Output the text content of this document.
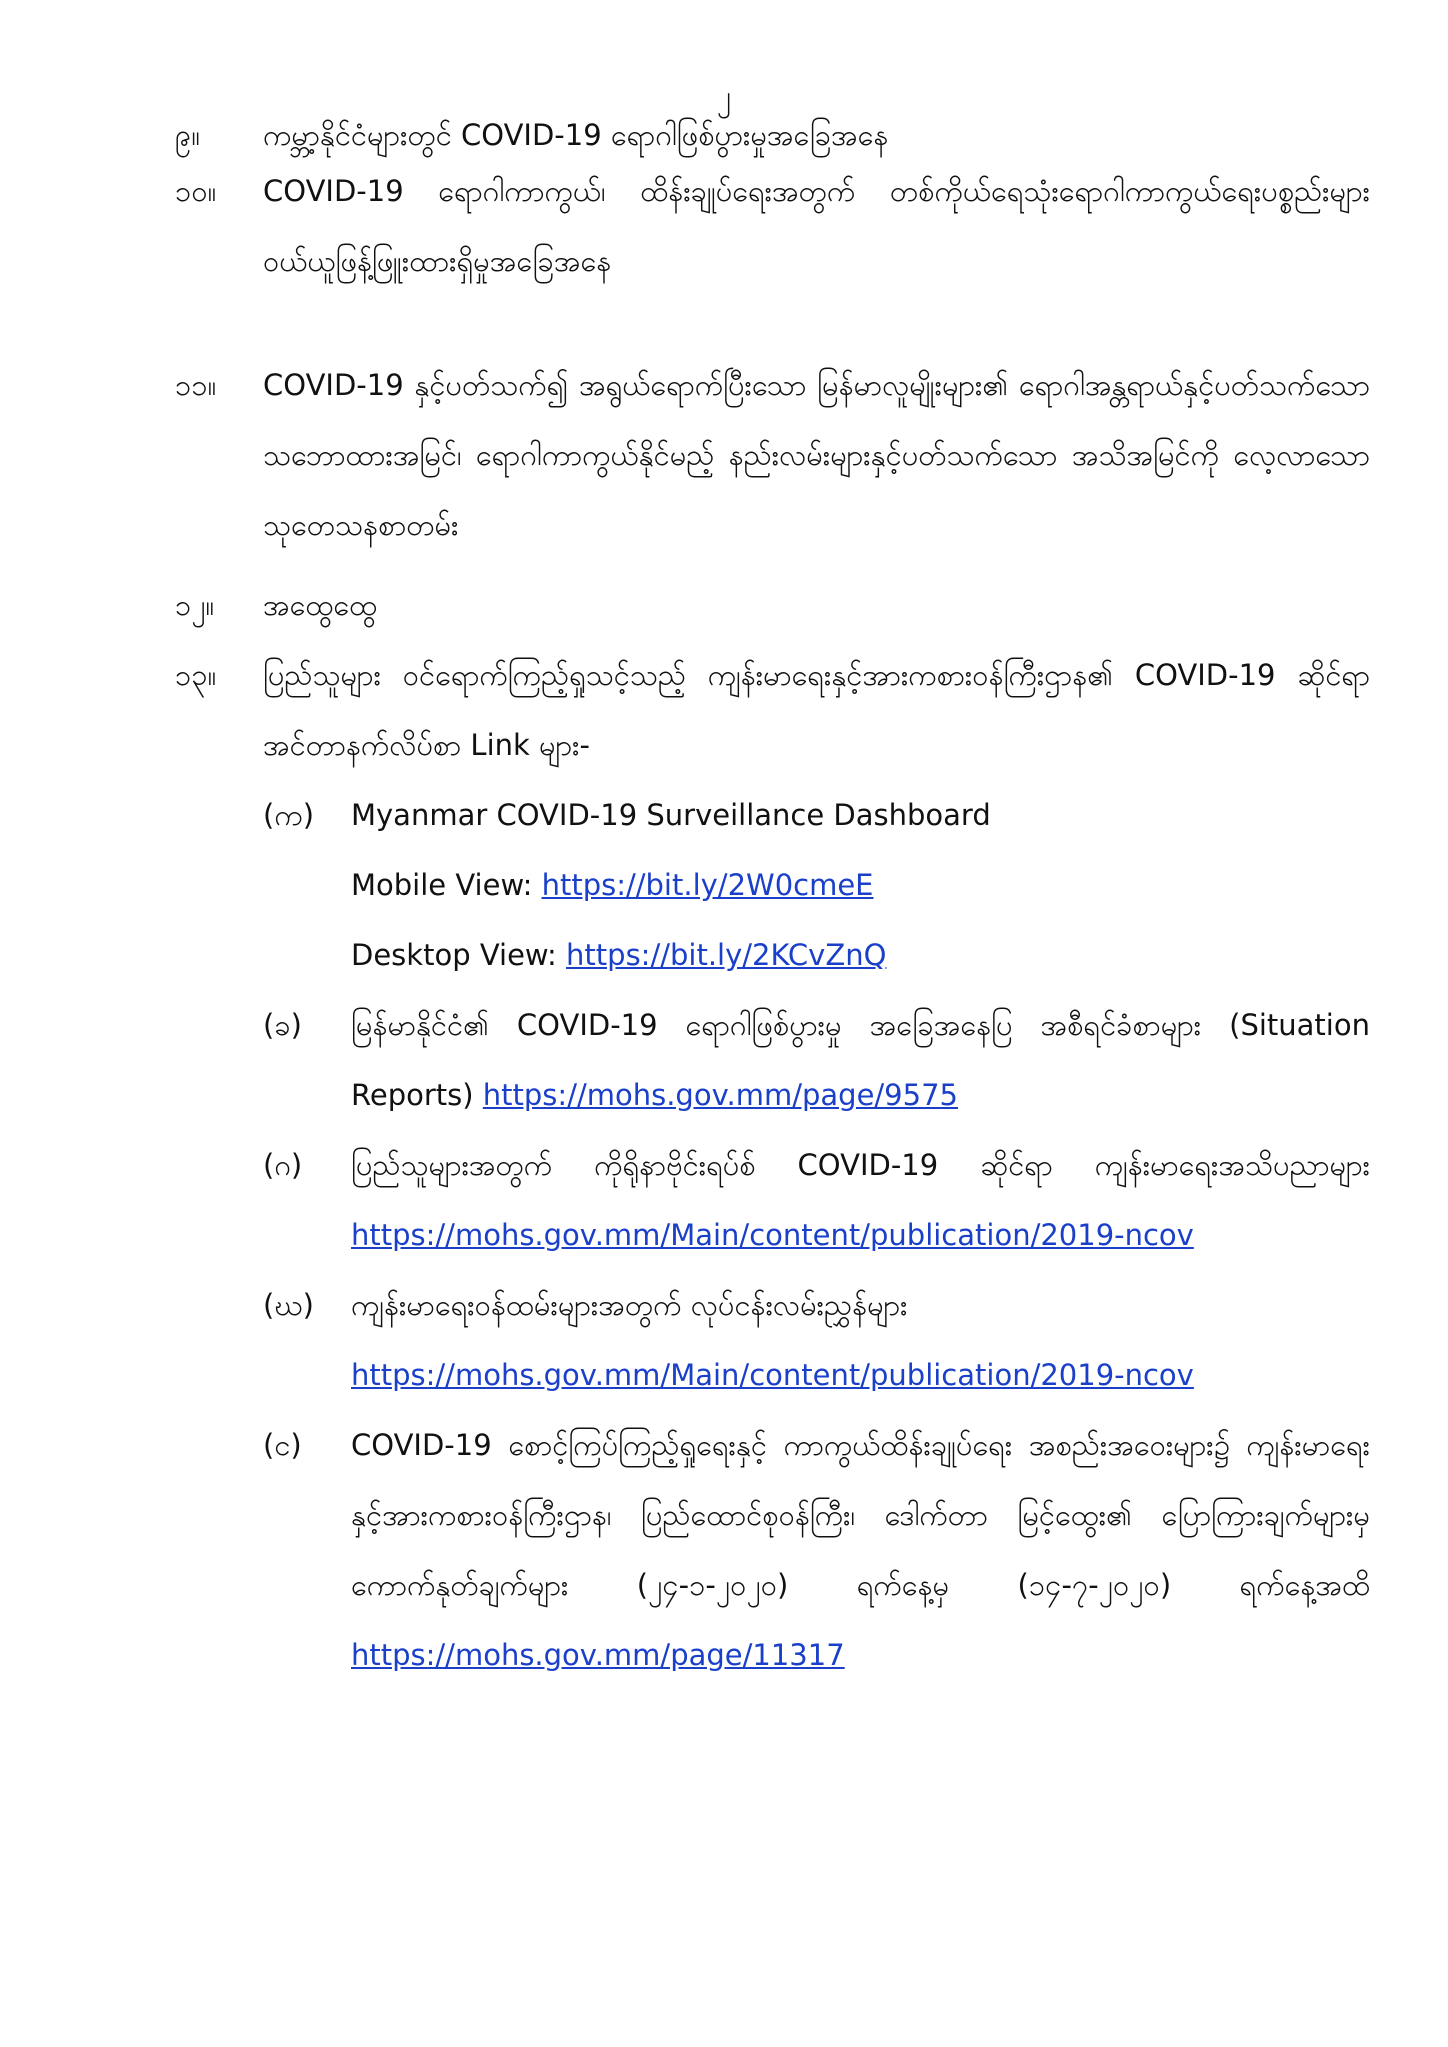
၂
၉။	ကမ္ဘာ့နိုင်ငံများတွင် COVID-19 ရောဂါဖြစ်ပွားမှုအခြေအနေ
၁၀။	COVID-19 ရောဂါကာကွယ်၊ ထိန်းချုပ်ရေးအတွက် တစ်ကိုယ်ရေသုံးရောဂါကာကွယ်ရေးပစ္စည်းများ ဝယ်ယူဖြန့်ဖြူးထားရှိမှုအခြေအနေ
၁၁။	COVID-19 နှင့်ပတ်သက်၍ အရွယ်ရောက်ပြီးသော မြန်မာလူမျိုးများ၏ ရောဂါအန္တရာယ်နှင့်ပတ်သက်သော သဘောထားအမြင်၊ ရောဂါကာကွယ်နိုင်မည့် နည်းလမ်းများနှင့်ပတ်သက်သော အသိအမြင်ကို လေ့လာသော သုတေသနစာတမ်း
၁၂။	အထွေထွေ
၁၃။	ပြည်သူများ ဝင်ရောက်ကြည့်ရှုသင့်သည့် ကျန်းမာရေးနှင့်အားကစားဝန်ကြီးဌာန၏ COVID-19 ဆိုင်ရာ အင်တာနက်လိပ်စာ Link များ-
(က)	Myanmar COVID-19 Surveillance Dashboard
Mobile View: https://bit.ly/2W0cmeE
Desktop View: https://bit.ly/2KCvZnQ
(ခ)	မြန်မာနိုင်ငံ၏ COVID-19 ရောဂါဖြစ်ပွားမှု အခြေအနေပြ အစီရင်ခံစာများ (Situation Reports) https://mohs.gov.mm/page/9575
(ဂ)	ပြည်သူများအတွက် ကိုရိုနာဗိုင်းရပ်စ် COVID-19 ဆိုင်ရာ ကျန်းမာရေးအသိပညာများ https://mohs.gov.mm/Main/content/publication/2019-ncov
(ဃ)	ကျန်းမာရေးဝန်ထမ်းများအတွက် လုပ်ငန်းလမ်းညွှန်များ
https://mohs.gov.mm/Main/content/publication/2019-ncov
(င)	COVID-19 စောင့်ကြပ်ကြည့်ရှုရေးနှင့် ကာကွယ်ထိန်းချုပ်ရေး အစည်းအဝေးများ၌ ကျန်းမာရေးနှင့်အားကစားဝန်ကြီးဌာန၊ ပြည်ထောင်စုဝန်ကြီး၊ ဒေါက်တာ မြင့်ထွေး၏ ပြောကြားချက်များမှ ကောက်နုတ်ချက်များ (၂၄-၁-၂၀၂၀) ရက်နေ့မှ (၁၄-၇-၂၀၂၀) ရက်နေ့အထိ https://mohs.gov.mm/page/11317
